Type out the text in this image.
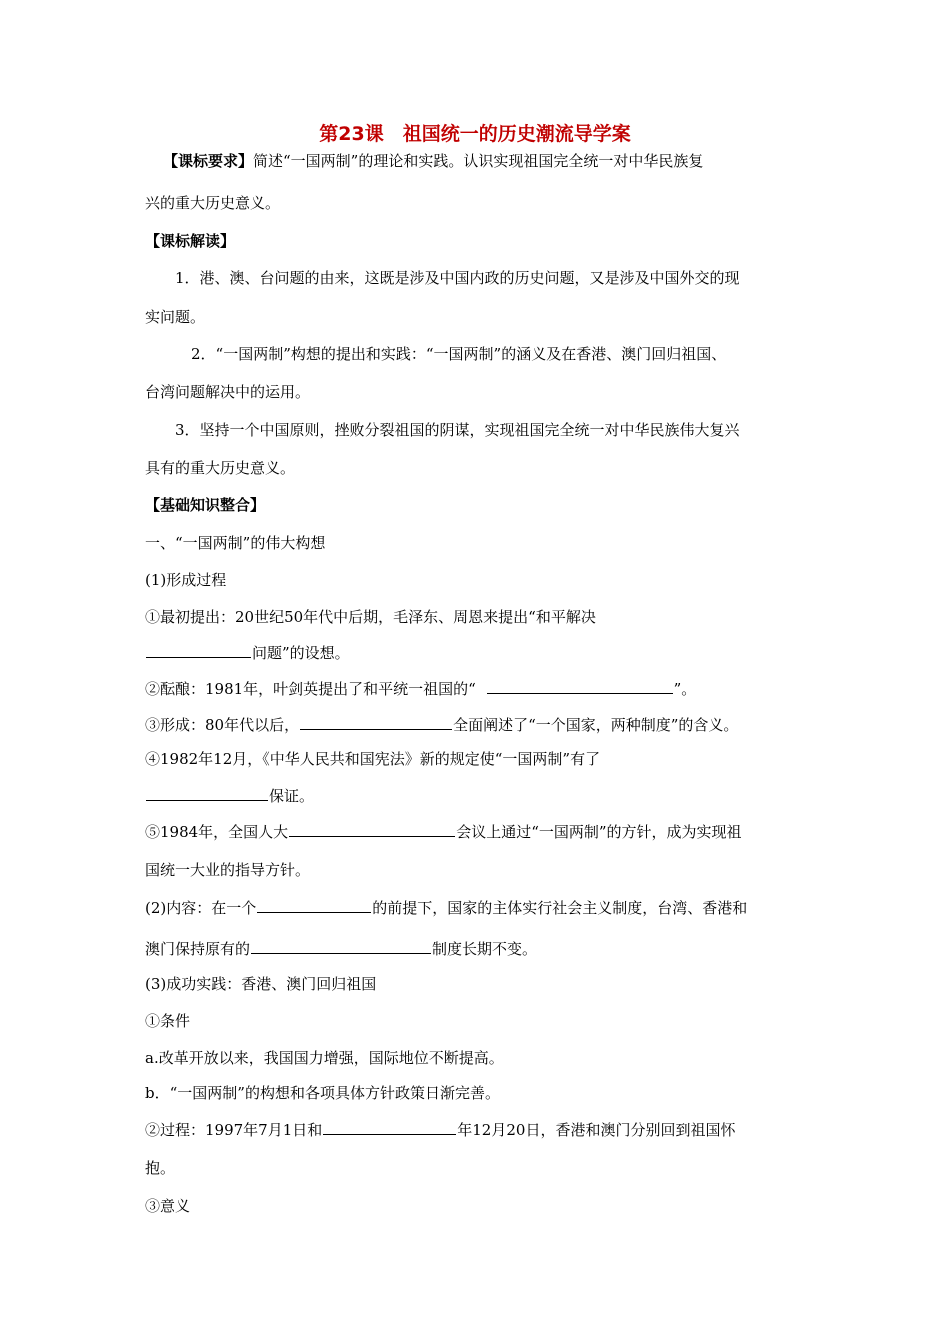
第23课　祖国统一的历史潮流导学案
【课标要求】简述“一国两制”的理论和实践。认识实现祖国完全统一对中华民族复
兴的重大历史意义。
【课标解读】
1．港、澳、台问题的由来，这既是涉及中国内政的历史问题，又是涉及中国外交的现
实问题。
2．“一国两制”构想的提出和实践：“一国两制”的涵义及在香港、澳门回归祖国、
台湾问题解决中的运用。
3．坚持一个中国原则，挫败分裂祖国的阴谋，实现祖国完全统一对中华民族伟大复兴
具有的重大历史意义。
【基础知识整合】
一、“一国两制”的伟大构想
(1)形成过程
①最初提出：20世纪50年代中后期，毛泽东、周恩来提出“和平解决
问题”的设想。
②酝酿：1981年，叶剑英提出了和平统一祖国的“	”。
③形成：80年代以后，	全面阐述了“一个国家，两种制度”的含义。
④1982年12月，《中华人民共和国宪法》新的规定使“一国两制”有了
保证。
⑤1984年，全国人大	会议上通过“一国两制”的方针，成为实现祖
国统一大业的指导方针。
(2)内容：在一个	的前提下，国家的主体实行社会主义制度，台湾、香港和
澳门保持原有的	制度长期不变。
(3)成功实践：香港、澳门回归祖国
①条件
a.改革开放以来，我国国力增强，国际地位不断提高。
b．“一国两制”的构想和各项具体方针政策日渐完善。
②过程：1997年7月1日和	年12月20日，香港和澳门分别回到祖国怀
抱。
③意义
